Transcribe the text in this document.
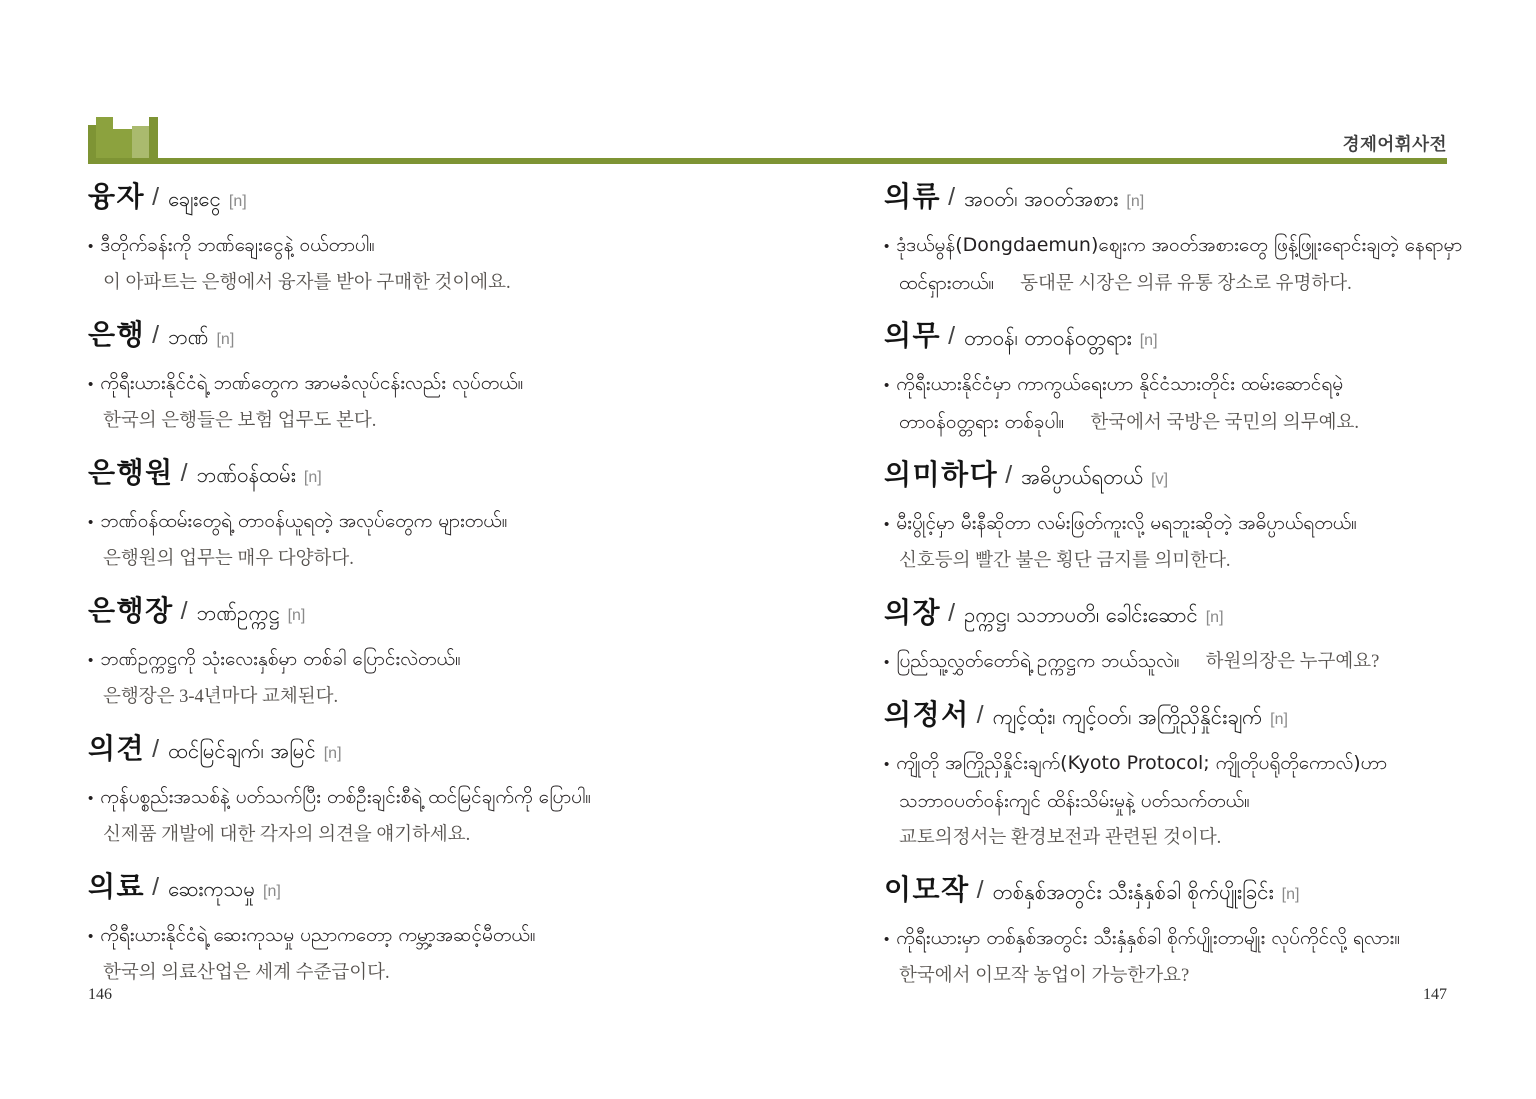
경제어휘사전
융자 / ချေးငွေ [n]
• ဒီတိုက်ခန်းကို ဘဏ်ချေးငွေနဲ့ ဝယ်တာပါ။
이 아파트는 은행에서 융자를 받아 구매한 것이에요.
은행 / ဘဏ် [n]
• ကိုရီးယားနိုင်ငံရဲ့ ဘဏ်တွေက အာမခံလုပ်ငန်းလည်း လုပ်တယ်။
한국의 은행들은 보험 업무도 본다.
은행원 / ဘဏ်ဝန်ထမ်း [n]
• ဘဏ်ဝန်ထမ်းတွေရဲ့ တာဝန်ယူရတဲ့ အလုပ်တွေက များတယ်။
은행원의 업무는 매우 다양하다.
은행장 / ဘဏ်ဥက္ကဋ္ဌ [n]
• ဘဏ်ဥက္ကဋ္ဌကို သုံးလေးနှစ်မှာ တစ်ခါ ပြောင်းလဲတယ်။
은행장은 3-4년마다 교체된다.
의견 / ထင်မြင်ချက်၊ အမြင် [n]
• ကုန်ပစ္စည်းအသစ်နဲ့ ပတ်သက်ပြီး တစ်ဦးချင်းစီရဲ့ ထင်မြင်ချက်ကို ပြောပါ။
신제품 개발에 대한 각자의 의견을 얘기하세요.
의료 / ဆေးကုသမှု [n]
• ကိုရီးယားနိုင်ငံရဲ့ ဆေးကုသမှု ပညာကတော့ ကမ္ဘာ့အဆင့်မီတယ်။
한국의 의료산업은 세계 수준급이다.
의류 / အဝတ်၊ အဝတ်အစား [n]
• ဒုံဒယ်မွန်(Dongdaemun)ဈေးက အဝတ်အစားတွေ ဖြန့်ဖြူးရောင်းချတဲ့ နေရာမှာ
ထင်ရှားတယ်။ 동대문 시장은 의류 유통 장소로 유명하다.
의무 / တာဝန်၊ တာဝန်ဝတ္တရား [n]
• ကိုရီးယားနိုင်ငံမှာ ကာကွယ်ရေးဟာ နိုင်ငံသားတိုင်း ထမ်းဆောင်ရမဲ့
တာဝန်ဝတ္တရား တစ်ခုပါ။ 한국에서 국방은 국민의 의무예요.
의미하다 / အဓိပ္ပာယ်ရတယ် [v]
• မီးပွိုင့်မှာ မီးနီဆိုတာ လမ်းဖြတ်ကူးလို့ မရဘူးဆိုတဲ့ အဓိပ္ပာယ်ရတယ်။
신호등의 빨간 불은 횡단 금지를 의미한다.
의장 / ဥက္ကဋ္ဌ၊ သဘာပတိ၊ ခေါင်းဆောင် [n]
• ပြည်သူ့လွှတ်တော်ရဲ့ ဥက္ကဋ္ဌက ဘယ်သူလဲ။ 하원의장은 누구예요?
의정서 / ကျင့်ထုံး၊ ကျင့်ဝတ်၊ အကြိုညှိနှိုင်းချက် [n]
• ကျိုတို အကြိုညှိနှိုင်းချက်(Kyoto Protocol; ကျိုတိုပရိုတိုကောလ်)ဟာ
သဘာဝပတ်ဝန်းကျင် ထိန်းသိမ်းမှုနဲ့ ပတ်သက်တယ်။
교토의정서는 환경보전과 관련된 것이다.
이모작 / တစ်နှစ်အတွင်း သီးနှံနှစ်ခါ စိုက်ပျိုးခြင်း [n]
• ကိုရီးယားမှာ တစ်နှစ်အတွင်း သီးနှံနှစ်ခါ စိုက်ပျိုးတာမျိုး လုပ်ကိုင်လို့ ရလား။
한국에서 이모작 농업이 가능한가요?
146	147
